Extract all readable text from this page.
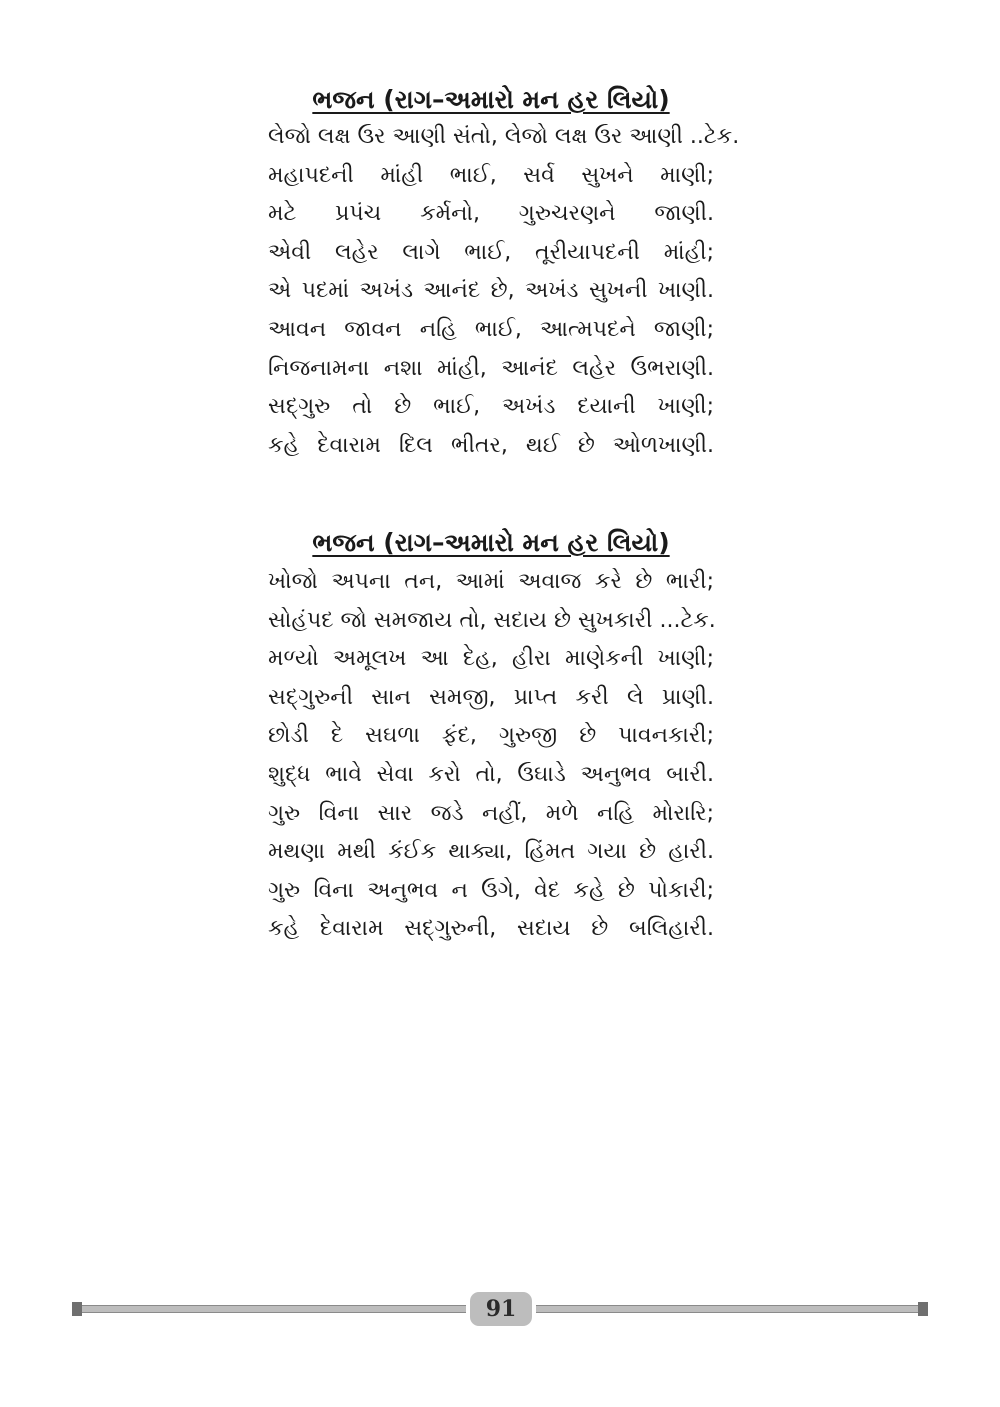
ભજન (રાગ–અમારો મન હર લિયો)
લેજો લક્ષ ઉર આણી સંતો, લેજો લક્ષ ઉર આણી ..ટેક.
મહાપદની માંહી ભાઈ, સર્વ સુખને માણી;
મટે પ્રપંચ કર્મનો, ગુરુચરણને જાણી.
એવી લહેર લાગે ભાઈ, તૂરીયાપદની માંહી;
એ પદમાં અખંડ આનંદ છે, અખંડ સુખની ખાણી.
આવન જાવન નહિ ભાઈ, આત્મપદને જાણી;
નિજનામના નશા માંહી, આનંદ લહેર ઉભરાણી.
સદ્ગુરુ તો છે ભાઈ, અખંડ દયાની ખાણી;
કહે દેવારામ દિલ ભીતર, થઈ છે ઓળખાણી.
ભજન (રાગ–અમારો મન હર લિયો)
ખોજો અપના તન, આમાં અવાજ કરે છે ભારી;
સોહંપદ જો સમજાય તો, સદાય છે સુખકારી ...ટેક.
મળ્યો અમૂલખ આ દેહ, હીરા માણેકની ખાણી;
સદ્ગુરુની સાન સમજી, પ્રાપ્ત કરી લે પ્રાણી.
છોડી દે સઘળા ફંદ, ગુરુજી છે પાવનકારી;
શુદ્ધ ભાવે સેવા કરો તો, ઉઘાડે અનુભવ બારી.
ગુરુ વિના સાર જડે નહીં, મળે નહિ મોરારિ;
મથણા મથી કંઈક થાક્યા, હિંમત ગયા છે હારી.
ગુરુ વિના અનુભવ ન ઉગે, વેદ કહે છે પોકારી;
કહે દેવારામ સદ્ગુરુની, સદાય છે બલિહારી.
91
